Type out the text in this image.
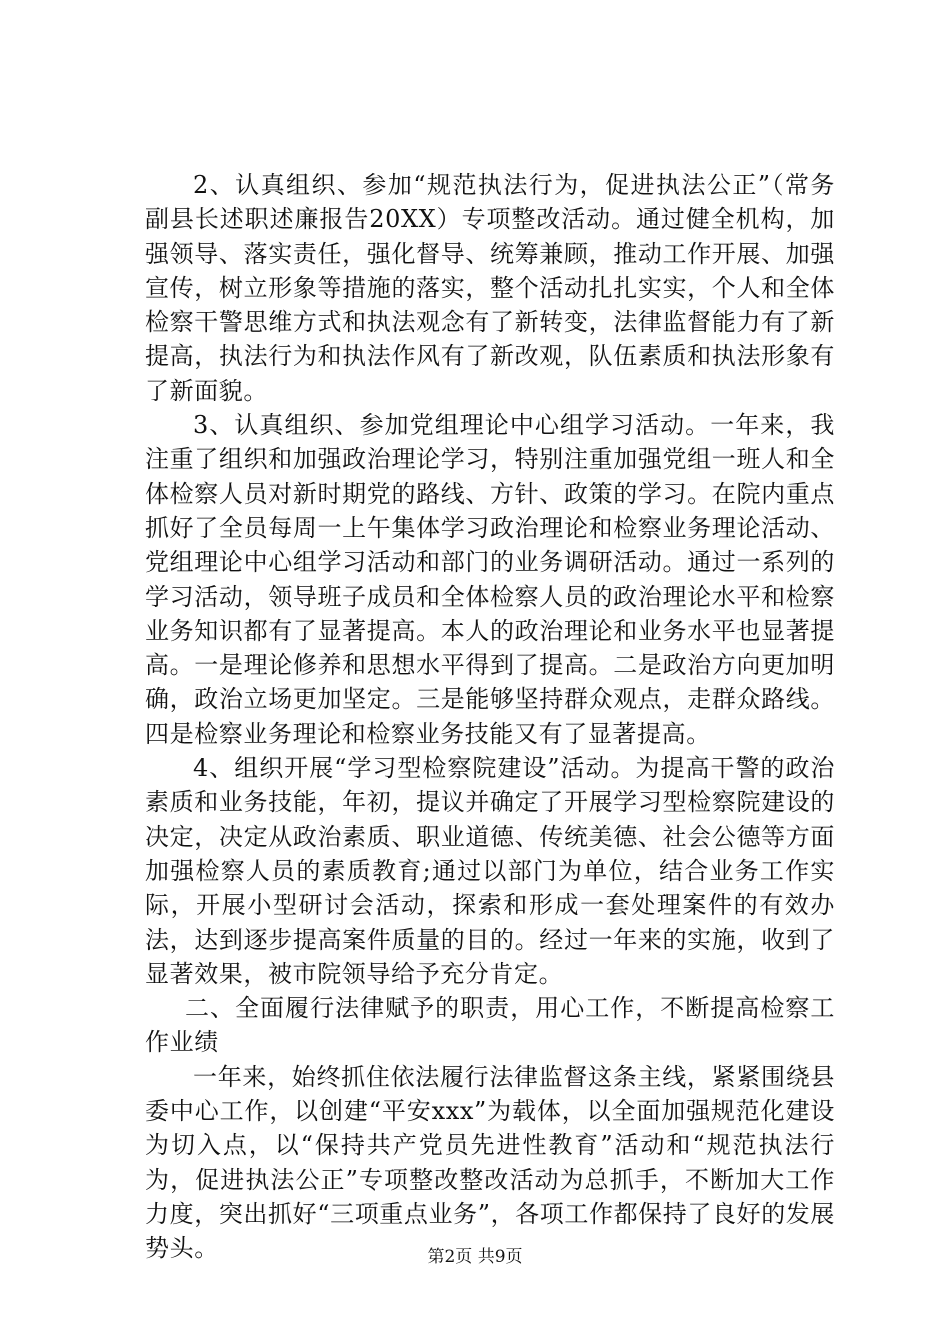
2、认真组织、参加“规范执法行为，促进执法公正”（常务副县长述职述廉报告20XX）专项整改活动。通过健全机构，加强领导、落实责任，强化督导、统筹兼顾，推动工作开展、加强宣传，树立形象等措施的落实，整个活动扎扎实实，个人和全体检察干警思维方式和执法观念有了新转变，法律监督能力有了新提高，执法行为和执法作风有了新改观，队伍素质和执法形象有了新面貌。

3、认真组织、参加党组理论中心组学习活动。一年来，我注重了组织和加强政治理论学习，特别注重加强党组一班人和全体检察人员对新时期党的路线、方针、政策的学习。在院内重点抓好了全员每周一上午集体学习政治理论和检察业务理论活动、党组理论中心组学习活动和部门的业务调研活动。通过一系列的学习活动，领导班子成员和全体检察人员的政治理论水平和检察业务知识都有了显著提高。本人的政治理论和业务水平也显著提高。一是理论修养和思想水平得到了提高。二是政治方向更加明确，政治立场更加坚定。三是能够坚持群众观点，走群众路线。四是检察业务理论和检察业务技能又有了显著提高。

4、组织开展“学习型检察院建设”活动。为提高干警的政治素质和业务技能，年初，提议并确定了开展学习型检察院建设的决定，决定从政治素质、职业道德、传统美德、社会公德等方面加强检察人员的素质教育;通过以部门为单位，结合业务工作实际，开展小型研讨会活动，探索和形成一套处理案件的有效办法，达到逐步提高案件质量的目的。经过一年来的实施，收到了显著效果，被市院领导给予充分肯定。

二、全面履行法律赋予的职责，用心工作，不断提高检察工作业绩

一年来，始终抓住依法履行法律监督这条主线，紧紧围绕县委中心工作，以创建“平安xxx”为载体，以全面加强规范化建设为切入点，以“保持共产党员先进性教育”活动和“规范执法行为，促进执法公正”专项整改整改活动为总抓手，不断加大工作力度，突出抓好“三项重点业务”，各项工作都保持了良好的发展势头。	第2页 共9页
